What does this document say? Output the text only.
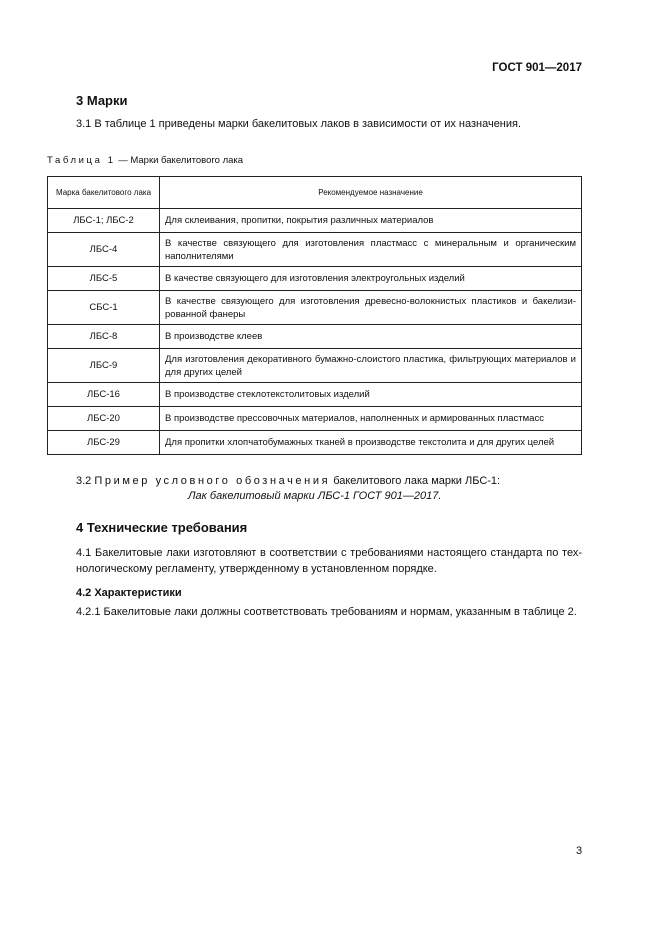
ГОСТ 901—2017
3 Марки
3.1 В таблице 1 приведены марки бакелитовых лаков в зависимости от их назначения.
Таблица 1 — Марки бакелитового лака
Марка бакелитового лака	Рекомендуемое назначение
ЛБС-1; ЛБС-2	Для склеивания, пропитки, покрытия различных материалов
ЛБС-4	В качестве связующего для изготовления пластмасс с минеральным и органическим наполнителями
ЛБС-5	В качестве связующего для изготовления электроугольных изделий
СБС-1	В качестве связующего для изготовления древесно-волокнистых пластиков и бакелизированной фанеры
ЛБС-8	В производстве клеев
ЛБС-9	Для изготовления декоративного бумажно-слоистого пластика, фильтрующих материалов и для других целей
ЛБС-16	В производстве стеклотекстолитовых изделий
ЛБС-20	В производстве прессовочных материалов, наполненных и армированных пластмасс
ЛБС-29	Для пропитки хлопчатобумажных тканей в производстве текстолита и для других целей
3.2 Пример условного обозначения бакелитового лака марки ЛБС-1:
Лак бакелитовый марки ЛБС-1 ГОСТ 901—2017.
4 Технические требования
4.1 Бакелитовые лаки изготовляют в соответствии с требованиями настоящего стандарта по технологическому регламенту, утвержденному в установленном порядке.
4.2 Характеристики
4.2.1 Бакелитовые лаки должны соответствовать требованиям и нормам, указанным в таблице 2.
3
